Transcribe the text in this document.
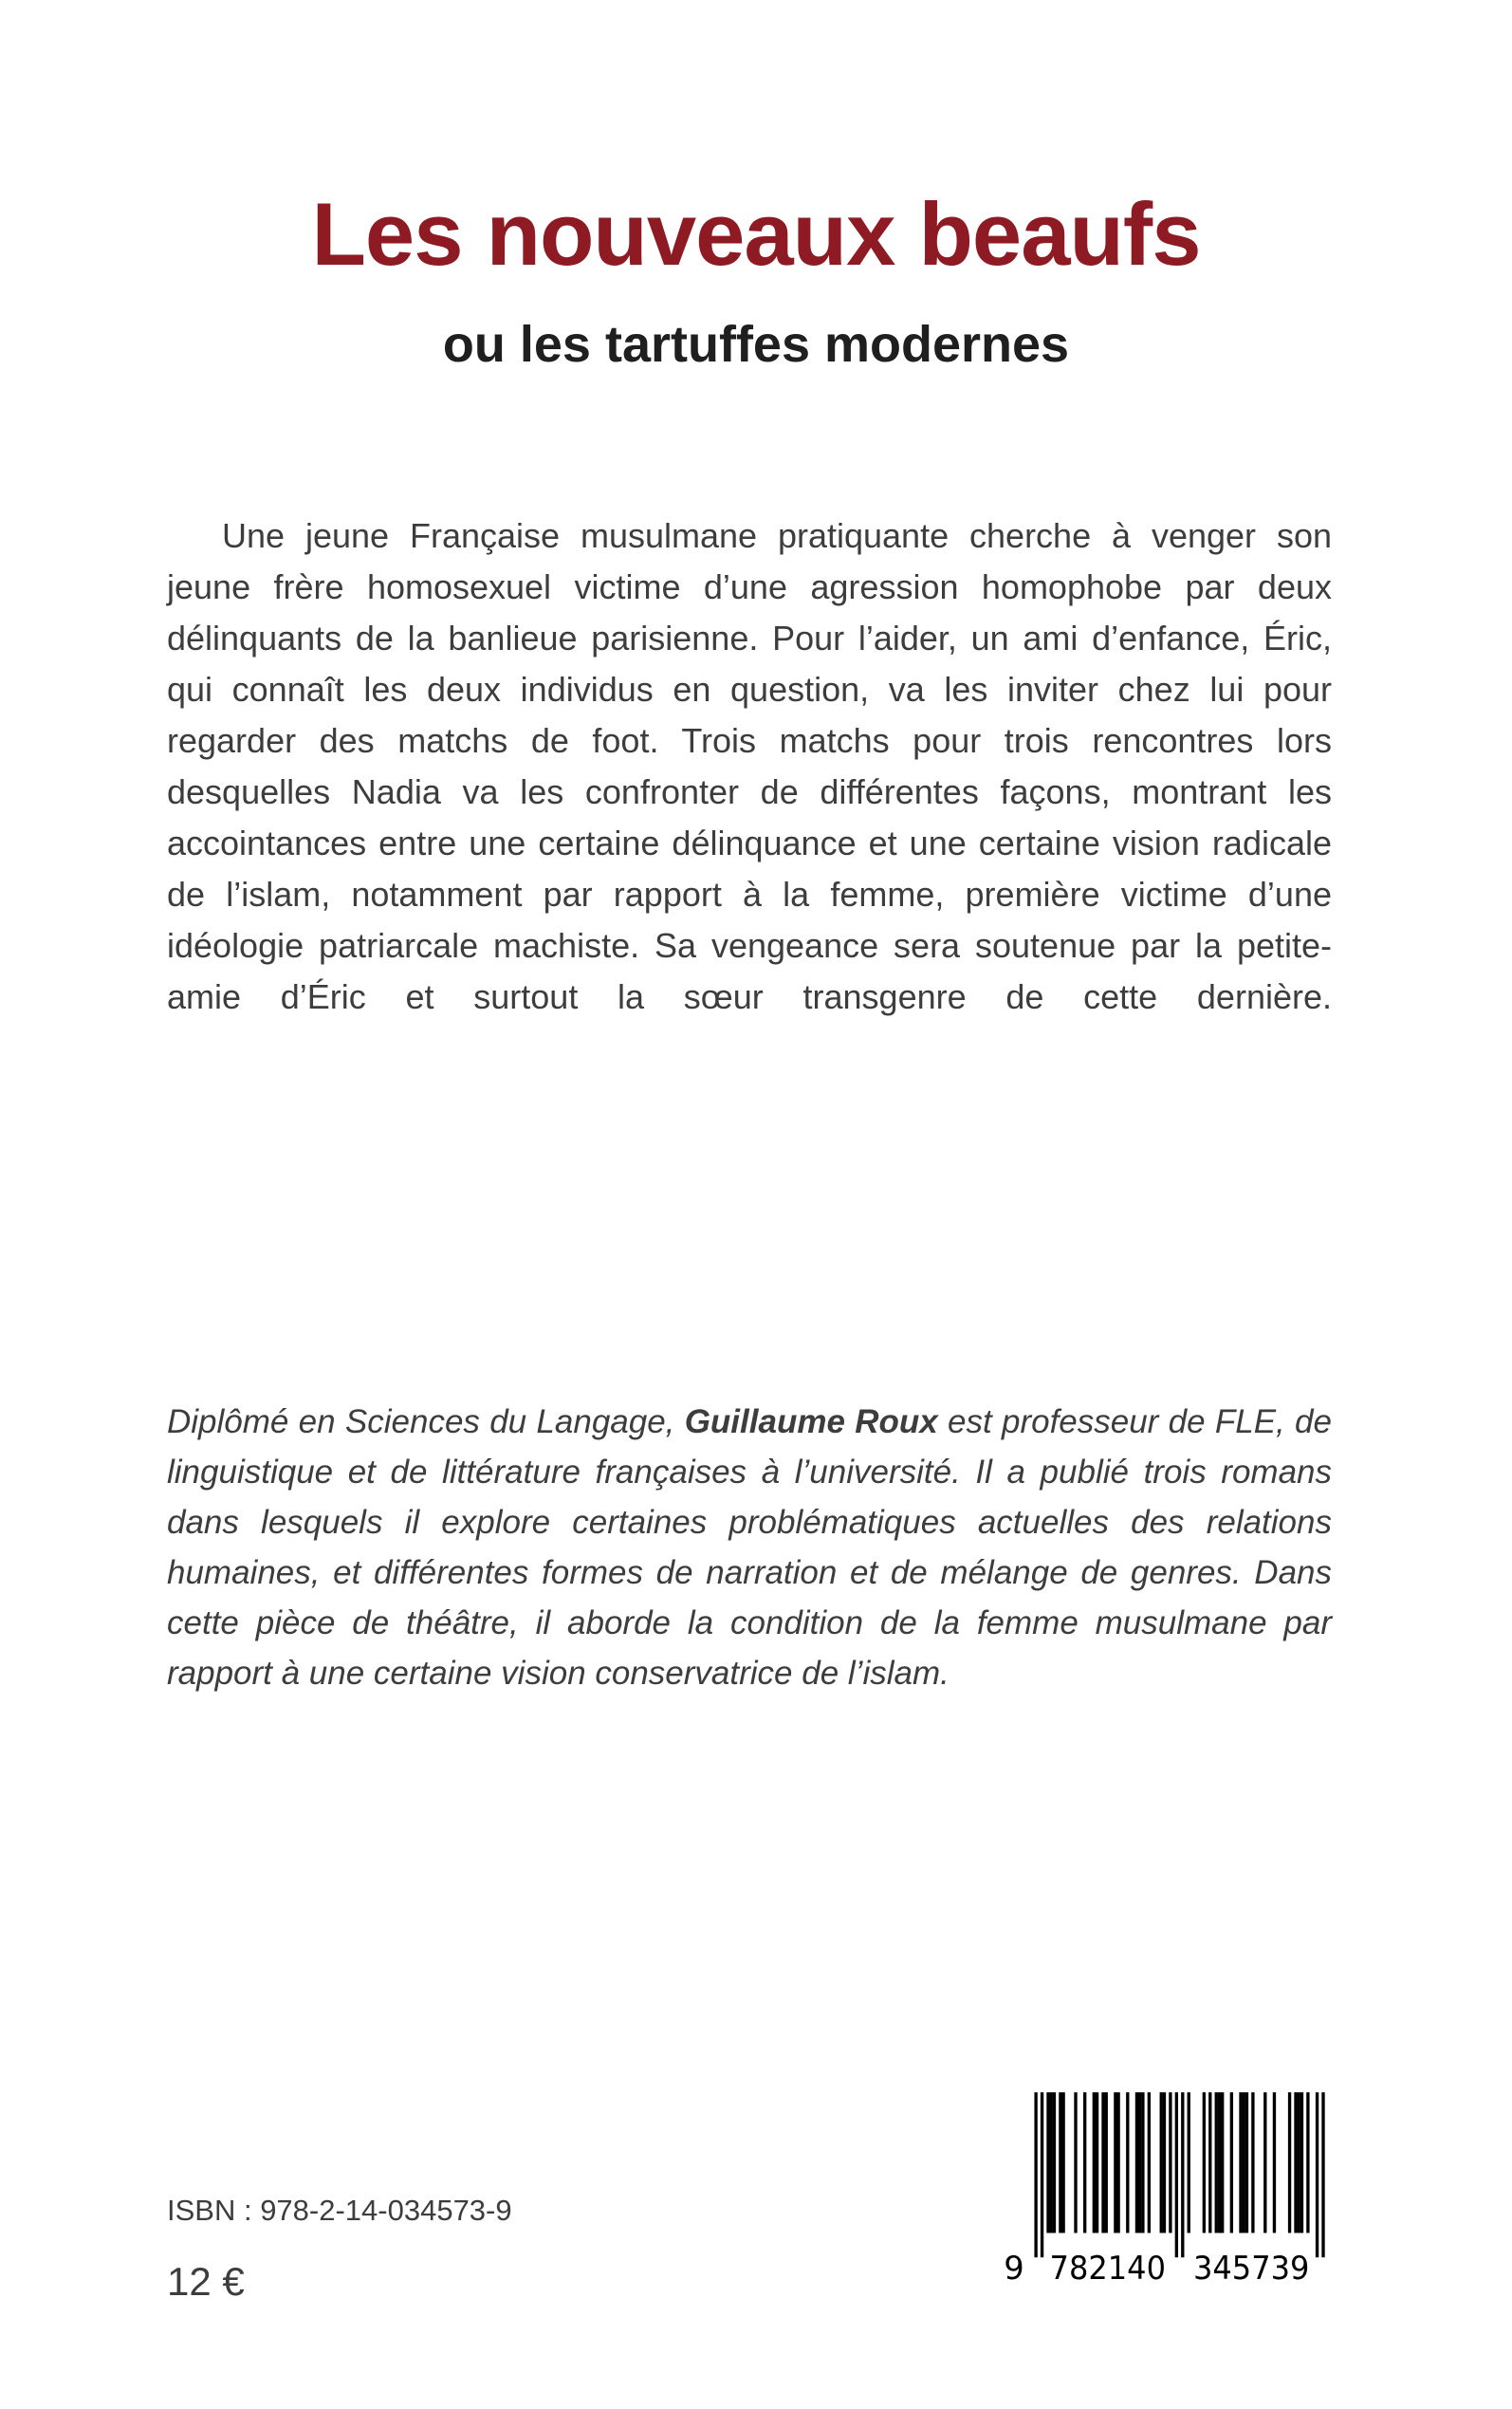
Les nouveaux beaufs
ou les tartuffes modernes

Une jeune Française musulmane pratiquante cherche à venger son jeune frère homosexuel victime d’une agression homophobe par deux délinquants de la banlieue parisienne. Pour l’aider, un ami d’enfance, Éric, qui connaît les deux individus en question, va les inviter chez lui pour regarder des matchs de foot. Trois matchs pour trois rencontres lors desquelles Nadia va les confronter de différentes façons, montrant les accointances entre une certaine délinquance et une certaine vision radicale de l’islam, notamment par rapport à la femme, première victime d’une idéologie patriarcale machiste. Sa vengeance sera soutenue par la petite-amie d’Éric et surtout la sœur transgenre de cette dernière.

Diplômé en Sciences du Langage, Guillaume Roux est professeur de FLE, de linguistique et de littérature françaises à l’université. Il a publié trois romans dans lesquels il explore certaines problématiques actuelles des relations humaines, et différentes formes de narration et de mélange de genres. Dans cette pièce de théâtre, il aborde la condition de la femme musulmane par rapport à une certaine vision conservatrice de l’islam.

ISBN : 978-2-14-034573-9
12 €	9	782140	345739
